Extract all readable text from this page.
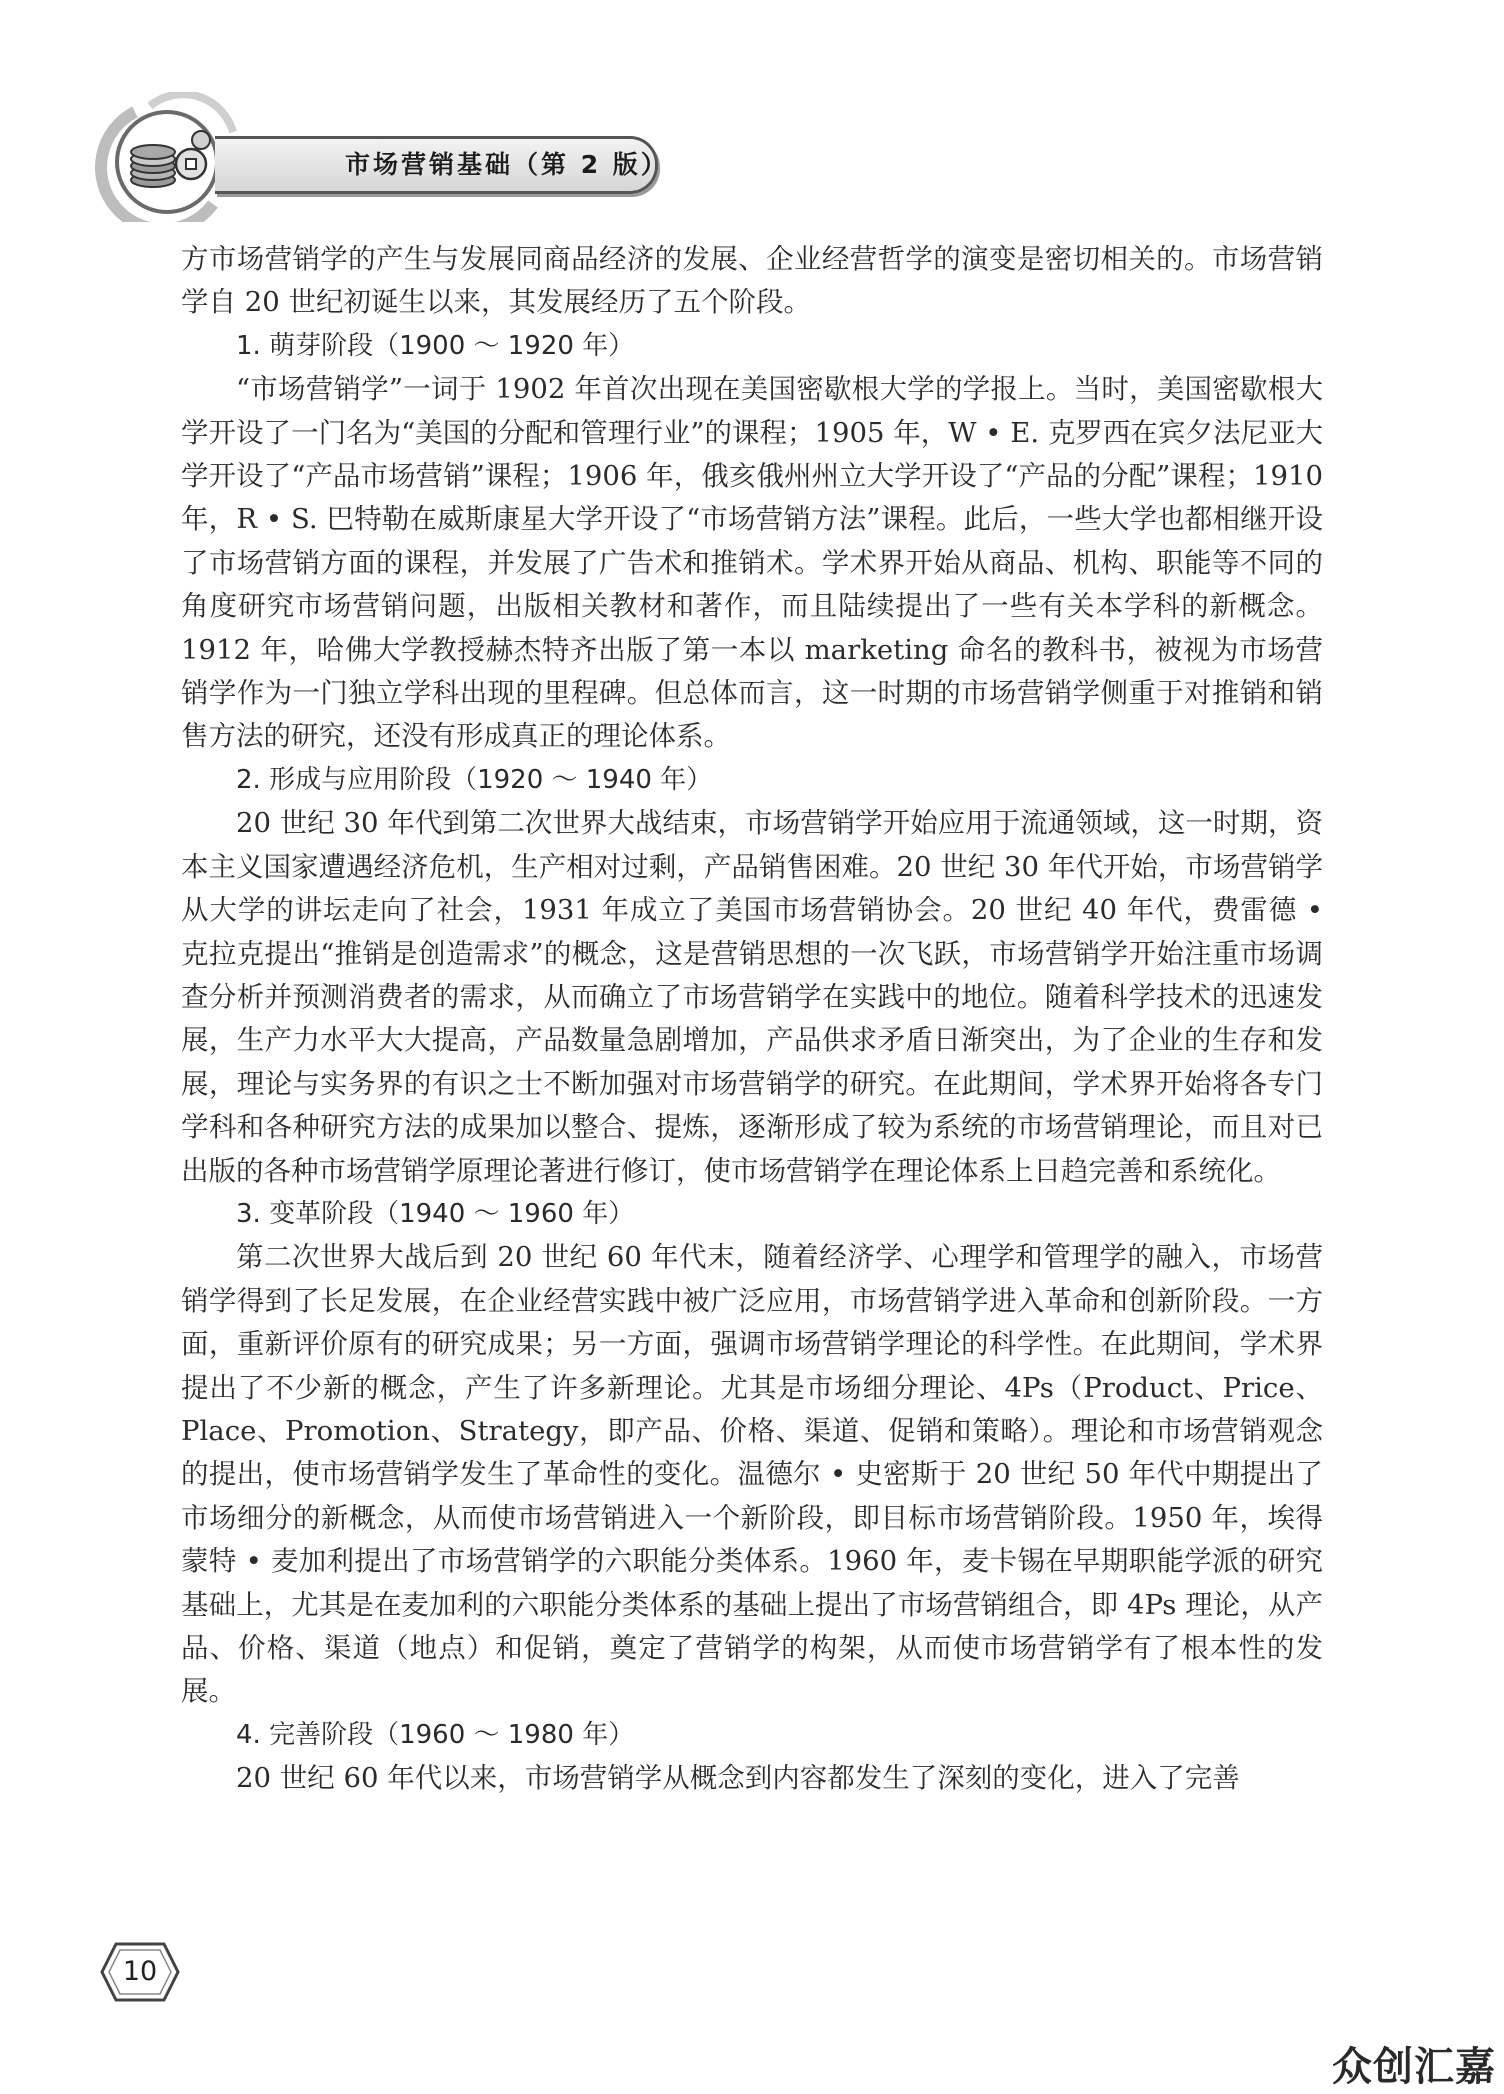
市场营销基础（第 2 版）

方市场营销学的产生与发展同商品经济的发展、企业经营哲学的演变是密切相关的。市场营销学自 20 世纪初诞生以来，其发展经历了五个阶段。

1. 萌芽阶段（1900 ～ 1920 年）

“市场营销学”一词于 1902 年首次出现在美国密歇根大学的学报上。当时，美国密歇根大学开设了一门名为“美国的分配和管理行业”的课程；1905 年，W • E. 克罗西在宾夕法尼亚大学开设了“产品市场营销”课程；1906 年，俄亥俄州州立大学开设了“产品的分配”课程；1910 年，R • S. 巴特勒在威斯康星大学开设了“市场营销方法”课程。此后，一些大学也都相继开设了市场营销方面的课程，并发展了广告术和推销术。学术界开始从商品、机构、职能等不同的角度研究市场营销问题，出版相关教材和著作，而且陆续提出了一些有关本学科的新概念。1912 年，哈佛大学教授赫杰特齐出版了第一本以 marketing 命名的教科书，被视为市场营销学作为一门独立学科出现的里程碑。但总体而言，这一时期的市场营销学侧重于对推销和销售方法的研究，还没有形成真正的理论体系。

2. 形成与应用阶段（1920 ～ 1940 年）

20 世纪 30 年代到第二次世界大战结束，市场营销学开始应用于流通领域，这一时期，资本主义国家遭遇经济危机，生产相对过剩，产品销售困难。20 世纪 30 年代开始，市场营销学从大学的讲坛走向了社会，1931 年成立了美国市场营销协会。20 世纪 40 年代，费雷德 • 克拉克提出“推销是创造需求”的概念，这是营销思想的一次飞跃，市场营销学开始注重市场调查分析并预测消费者的需求，从而确立了市场营销学在实践中的地位。随着科学技术的迅速发展，生产力水平大大提高，产品数量急剧增加，产品供求矛盾日渐突出，为了企业的生存和发展，理论与实务界的有识之士不断加强对市场营销学的研究。在此期间，学术界开始将各专门学科和各种研究方法的成果加以整合、提炼，逐渐形成了较为系统的市场营销理论，而且对已出版的各种市场营销学原理论著进行修订，使市场营销学在理论体系上日趋完善和系统化。

3. 变革阶段（1940 ～ 1960 年）

第二次世界大战后到 20 世纪 60 年代末，随着经济学、心理学和管理学的融入，市场营销学得到了长足发展，在企业经营实践中被广泛应用，市场营销学进入革命和创新阶段。一方面，重新评价原有的研究成果；另一方面，强调市场营销学理论的科学性。在此期间，学术界提出了不少新的概念，产生了许多新理论。尤其是市场细分理论、4Ps（Product、Price、Place、Promotion、Strategy，即产品、价格、渠道、促销和策略）。理论和市场营销观念的提出，使市场营销学发生了革命性的变化。温德尔 • 史密斯于 20 世纪 50 年代中期提出了市场细分的新概念，从而使市场营销进入一个新阶段，即目标市场营销阶段。1950 年，埃得蒙特 • 麦加利提出了市场营销学的六职能分类体系。1960 年，麦卡锡在早期职能学派的研究基础上，尤其是在麦加利的六职能分类体系的基础上提出了市场营销组合，即 4Ps 理论，从产品、价格、渠道（地点）和促销，奠定了营销学的构架，从而使市场营销学有了根本性的发展。

4. 完善阶段（1960 ～ 1980 年）

20 世纪 60 年代以来，市场营销学从概念到内容都发生了深刻的变化，进入了完善

10
众创汇嘉
